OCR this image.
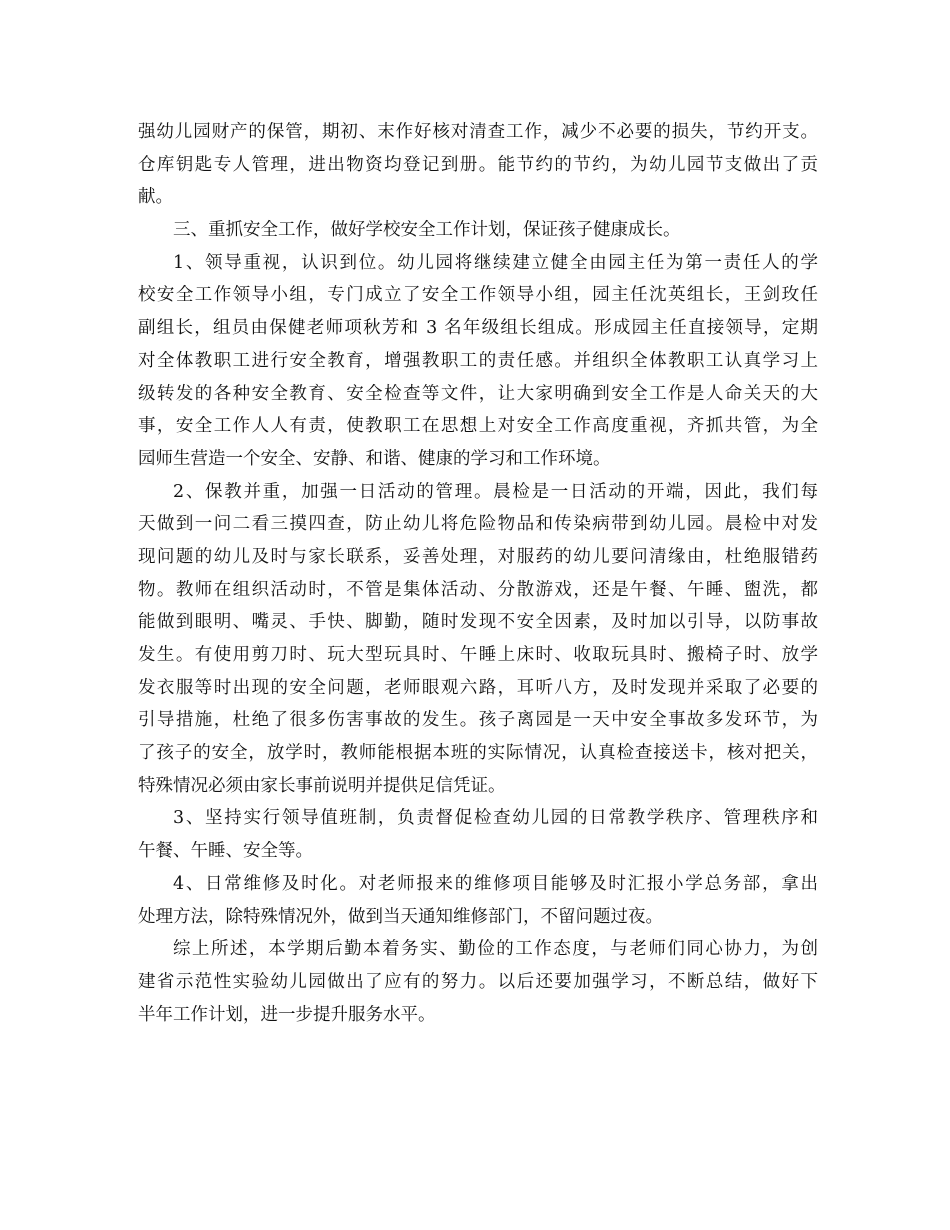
强幼儿园财产的保管，期初、末作好核对清查工作，减少不必要的损失，节约开支。
仓库钥匙专人管理，进出物资均登记到册。能节约的节约，为幼儿园节支做出了贡
献。
三、重抓安全工作，做好学校安全工作计划，保证孩子健康成长。
1、领导重视，认识到位。幼儿园将继续建立健全由园主任为第一责任人的学
校安全工作领导小组，专门成立了安全工作领导小组，园主任沈英组长，王剑玫任
副组长，组员由保健老师项秋芳和 3 名年级组长组成。形成园主任直接领导，定期
对全体教职工进行安全教育，增强教职工的责任感。并组织全体教职工认真学习上
级转发的各种安全教育、安全检查等文件，让大家明确到安全工作是人命关天的大
事，安全工作人人有责，使教职工在思想上对安全工作高度重视，齐抓共管，为全
园师生营造一个安全、安静、和谐、健康的学习和工作环境。
2、保教并重，加强一日活动的管理。晨检是一日活动的开端，因此，我们每
天做到一问二看三摸四查，防止幼儿将危险物品和传染病带到幼儿园。晨检中对发
现问题的幼儿及时与家长联系，妥善处理，对服药的幼儿要问清缘由，杜绝服错药
物。教师在组织活动时，不管是集体活动、分散游戏，还是午餐、午睡、盥洗，都
能做到眼明、嘴灵、手快、脚勤，随时发现不安全因素，及时加以引导，以防事故
发生。有使用剪刀时、玩大型玩具时、午睡上床时、收取玩具时、搬椅子时、放学
发衣服等时出现的安全问题，老师眼观六路，耳听八方，及时发现并采取了必要的
引导措施，杜绝了很多伤害事故的发生。孩子离园是一天中安全事故多发环节，为
了孩子的安全，放学时，教师能根据本班的实际情况，认真检查接送卡，核对把关，
特殊情况必须由家长事前说明并提供足信凭证。
3、坚持实行领导值班制，负责督促检查幼儿园的日常教学秩序、管理秩序和
午餐、午睡、安全等。
4、日常维修及时化。对老师报来的维修项目能够及时汇报小学总务部，拿出
处理方法，除特殊情况外，做到当天通知维修部门，不留问题过夜。
综上所述，本学期后勤本着务实、勤俭的工作态度，与老师们同心协力，为创
建省示范性实验幼儿园做出了应有的努力。以后还要加强学习，不断总结，做好下
半年工作计划，进一步提升服务水平。
